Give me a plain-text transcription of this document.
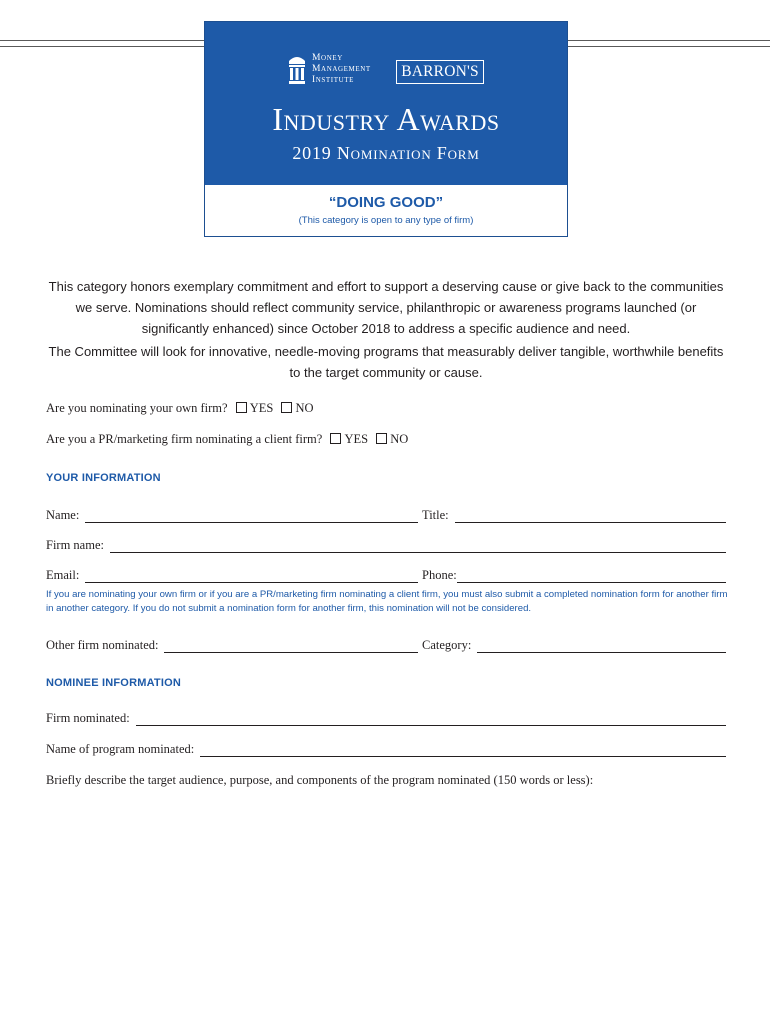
Money
Management
Institute	BARRON'S
Industry Awards
2019 Nomination Form
“DOING GOOD”
(This category is open to any type of firm)
This category honors exemplary commitment and effort to support a deserving cause or give back to the communities we serve. Nominations should reflect community service, philanthropic or awareness programs launched (or significantly enhanced) since October 2018 to address a specific audience and need.
The Committee will look for innovative, needle-moving programs that measurably deliver tangible, worthwhile benefits to the target community or cause.
Are you nominating your own firm? YES NO
Are you a PR/marketing firm nominating a client firm? YES NO
YOUR INFORMATION
Name:	Title:
Firm name:
Email:	Phone:
If you are nominating your own firm or if you are a PR/marketing firm nominating a client firm, you must also submit a completed nomination form for another firm in another category. If you do not submit a nomination form for another firm, this nomination will not be considered.
Other firm nominated:	Category:
NOMINEE INFORMATION
Firm nominated:
Name of program nominated:
Briefly describe the target audience, purpose, and components of the program nominated (150 words or less):
